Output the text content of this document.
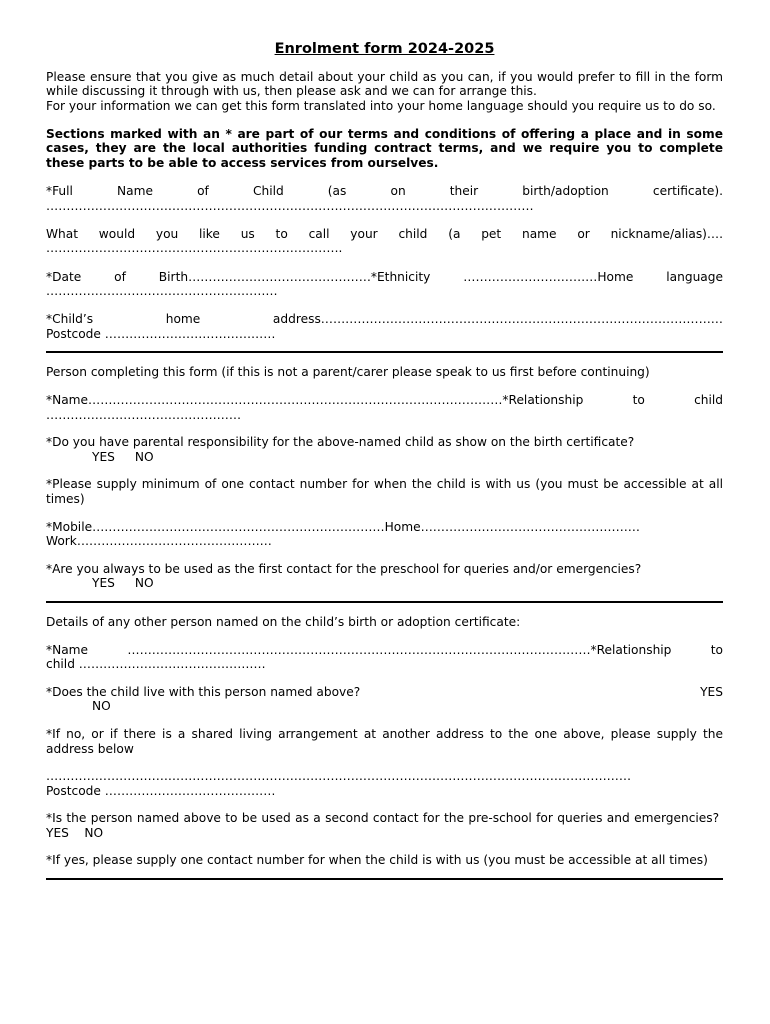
Enrolment form 2024-2025

Please ensure that you give as much detail about your child as you can, if you would prefer to fill in the form while discussing it through with us, then please ask and we can for arrange this.

For your information we can get this form translated into your home language should you require us to do so.

Sections marked with an * are part of our terms and conditions of offering a place and in some cases, they are the local authorities funding contract terms, and we require you to complete these parts to be able to access services from ourselves.

*Full Name of Child (as on their birth/adoption certificate).

…………………………………………………………………………………………………………

What would you like us to call your child (a pet name or nickname/alias)….

……………………………………………………………….

*Date of Birth………………………………………*Ethnicity ……………………………Home language

…………………………………………………

*Child’s home address………………………………………………………………………………………

Postcode ……………………………………

Person completing this form (if this is not a parent/carer please speak to us first before continuing)

*Name…………………………………………………………………………………………*Relationship to child

…………………………………………

*Do you have parental responsibility for the above-named child as show on the birth certificate?

YES NO

*Please supply minimum of one contact number for when the child is with us (you must be accessible at all times)

*Mobile………………………………………………………………Home………………………………………………

Work…………………………………………

*Are you always to be used as the first contact for the preschool for queries and/or emergencies?

YES NO

Details of any other person named on the child’s birth or adoption certificate:

*Name ……………………………………………………………………………………………………*Relationship to

child ……………………………………….

*Does the child live with this person named above?	YES

NO

*If no, or if there is a shared living arrangement at another address to the one above, please supply the address below

………………………………………………………………………………………………………………………………

Postcode ……………………………………

*Is the person named above to be used as a second contact for the pre-school for queries and emergencies?  YES NO

*If yes, please supply one contact number for when the child is with us (you must be accessible at all times)
